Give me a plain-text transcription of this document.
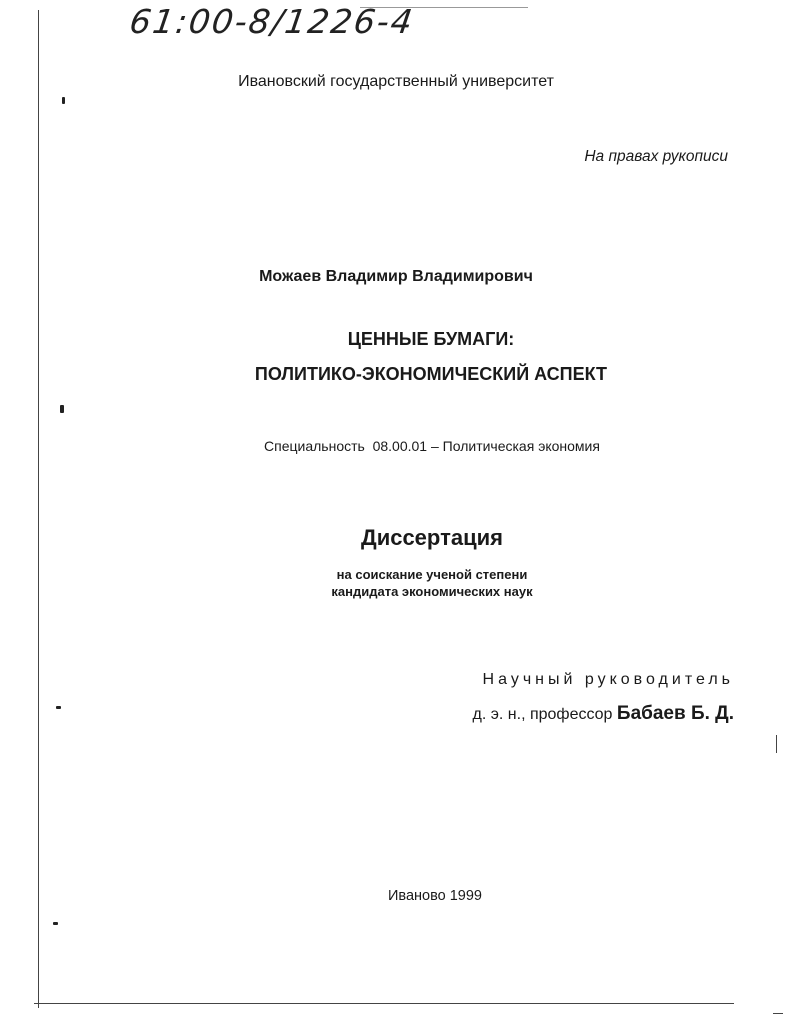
61:00-8/1226-4
Ивановский государственный университет
На правах рукописи
Можаев Владимир Владимирович
ЦЕННЫЕ БУМАГИ:
ПОЛИТИКО-ЭКОНОМИЧЕСКИЙ АСПЕКТ
Специальность  08.00.01 – Политическая экономия
Диссертация
на соискание ученой степени
кандидата экономических наук
Научный руководитель
д. э. н., профессор Бабаев Б. Д.
Иваново 1999
